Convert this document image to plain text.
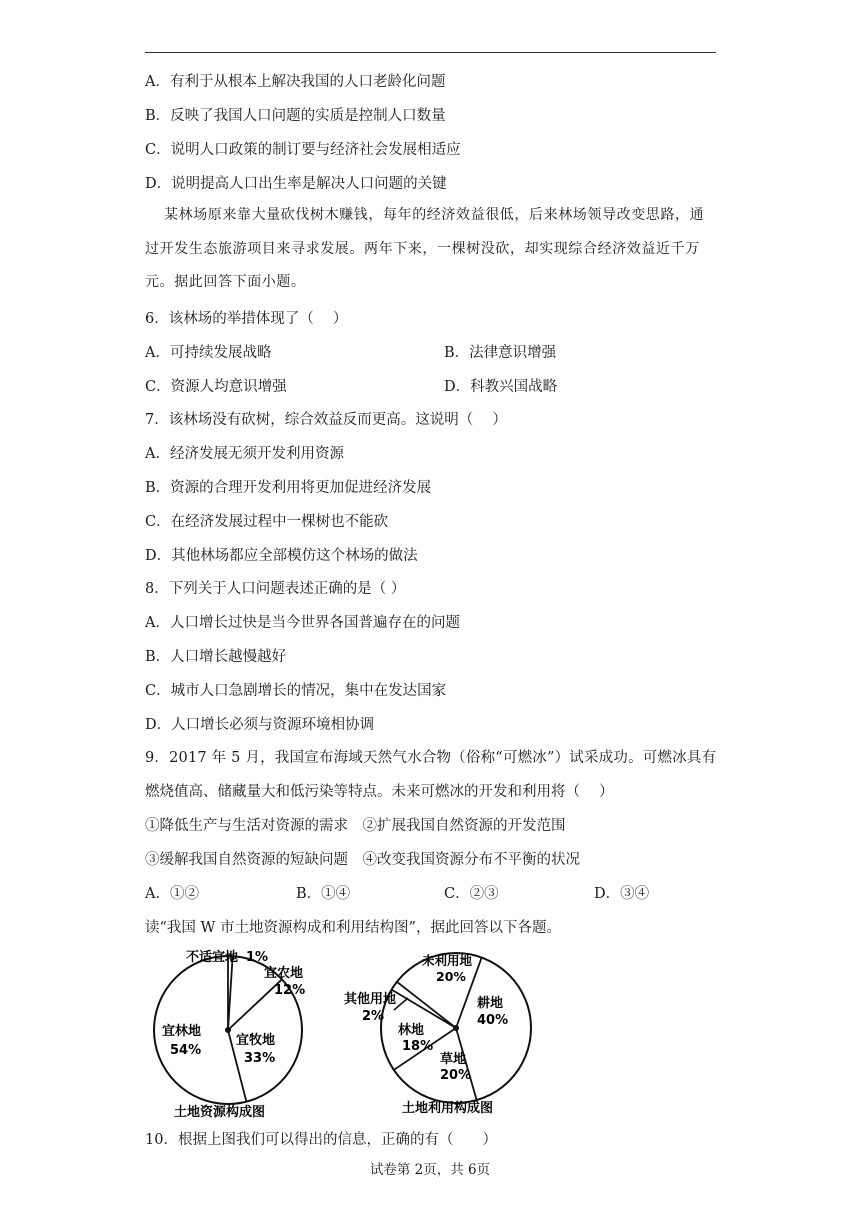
A．有利于从根本上解决我国的人口老龄化问题
B．反映了我国人口问题的实质是控制人口数量
C．说明人口政策的制订要与经济社会发展相适应
D．说明提高人口出生率是解决人口问题的关键
某林场原来靠大量砍伐树木赚钱，每年的经济效益很低，后来林场领导改变思路，通过开发生态旅游项目来寻求发展。两年下来，一棵树没砍，却实现综合经济效益近千万元。据此回答下面小题。
6．该林场的举措体现了（　 ）
A．可持续发展战略	B．法律意识增强
C．资源人均意识增强	D．科教兴国战略
7．该林场没有砍树，综合效益反而更高。这说明（　 ）
A．经济发展无须开发利用资源
B．资源的合理开发利用将更加促进经济发展
C．在经济发展过程中一棵树也不能砍
D．其他林场都应全部模仿这个林场的做法
8．下列关于人口问题表述正确的是（ ）
A．人口增长过快是当今世界各国普遍存在的问题
B．人口增长越慢越好
C．城市人口急剧增长的情况，集中在发达国家
D．人口增长必须与资源环境相协调
9．2017 年 5 月，我国宣布海域天然气水合物（俗称“可燃冰”）试采成功。可燃冰具有
燃烧值高、储藏量大和低污染等特点。未来可燃冰的开发和利用将（　 ）
①降低生产与生活对资源的需求　②扩展我国自然资源的开发范围
③缓解我国自然资源的短缺问题　④改变我国资源分布不平衡的状况
A．①②	B．①④	C．②③	D．③④
读“我国 W 市土地资源构成和利用结构图”，据此回答以下各题。
不适宜地 1%
宜农地
12%
宜林地
54%
宜牧地
33%
土地资源构成图
未利用地
20%
耕地
40%
林地
18%
草地
20%
其他用地
2%
土地利用构成图
10．根据上图我们可以得出的信息，正确的有（　　）
试卷第 2页，共 6页
